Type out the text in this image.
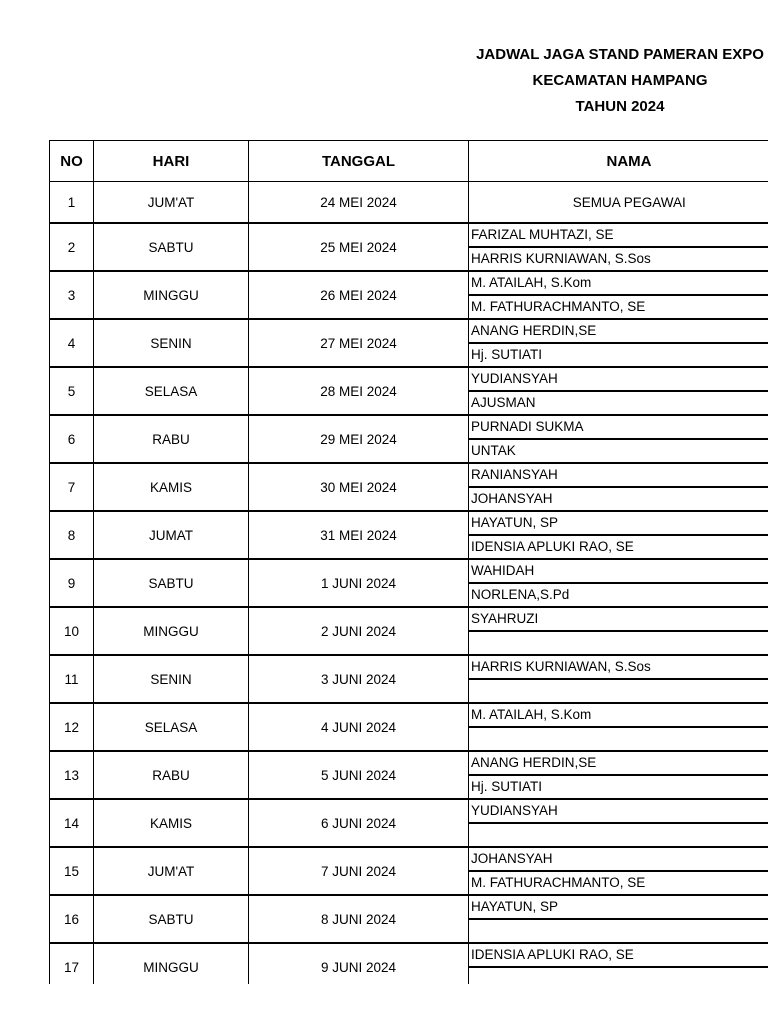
JADWAL JAGA STAND PAMERAN EXPO
KECAMATAN HAMPANG
TAHUN 2024
NO	HARI	TANGGAL	NAMA
1	JUM'AT	24 MEI 2024	SEMUA PEGAWAI
2	SABTU	25 MEI 2024	FARIZAL MUHTAZI, SE
			HARRIS KURNIAWAN, S.Sos
3	MINGGU	26 MEI 2024	M. ATAILAH, S.Kom
			M. FATHURACHMANTO, SE
4	SENIN	27 MEI 2024	ANANG HERDIN,SE
			Hj. SUTIATI
5	SELASA	28 MEI 2024	YUDIANSYAH
			AJUSMAN
6	RABU	29 MEI 2024	PURNADI SUKMA
			UNTAK
7	KAMIS	30 MEI 2024	RANIANSYAH
			JOHANSYAH
8	JUMAT	31 MEI 2024	HAYATUN, SP
			IDENSIA APLUKI RAO, SE
9	SABTU	1 JUNI 2024	WAHIDAH
			NORLENA,S.Pd
10	MINGGU	2 JUNI 2024	SYAHRUZI

11	SENIN	3 JUNI 2024	HARRIS KURNIAWAN, S.Sos

12	SELASA	4 JUNI 2024	M. ATAILAH, S.Kom

13	RABU	5 JUNI 2024	ANANG HERDIN,SE
			Hj. SUTIATI
14	KAMIS	6 JUNI 2024	YUDIANSYAH

15	JUM'AT	7 JUNI 2024	JOHANSYAH
			M. FATHURACHMANTO, SE
16	SABTU	8 JUNI 2024	HAYATUN, SP

17	MINGGU	9 JUNI 2024	IDENSIA APLUKI RAO, SE
